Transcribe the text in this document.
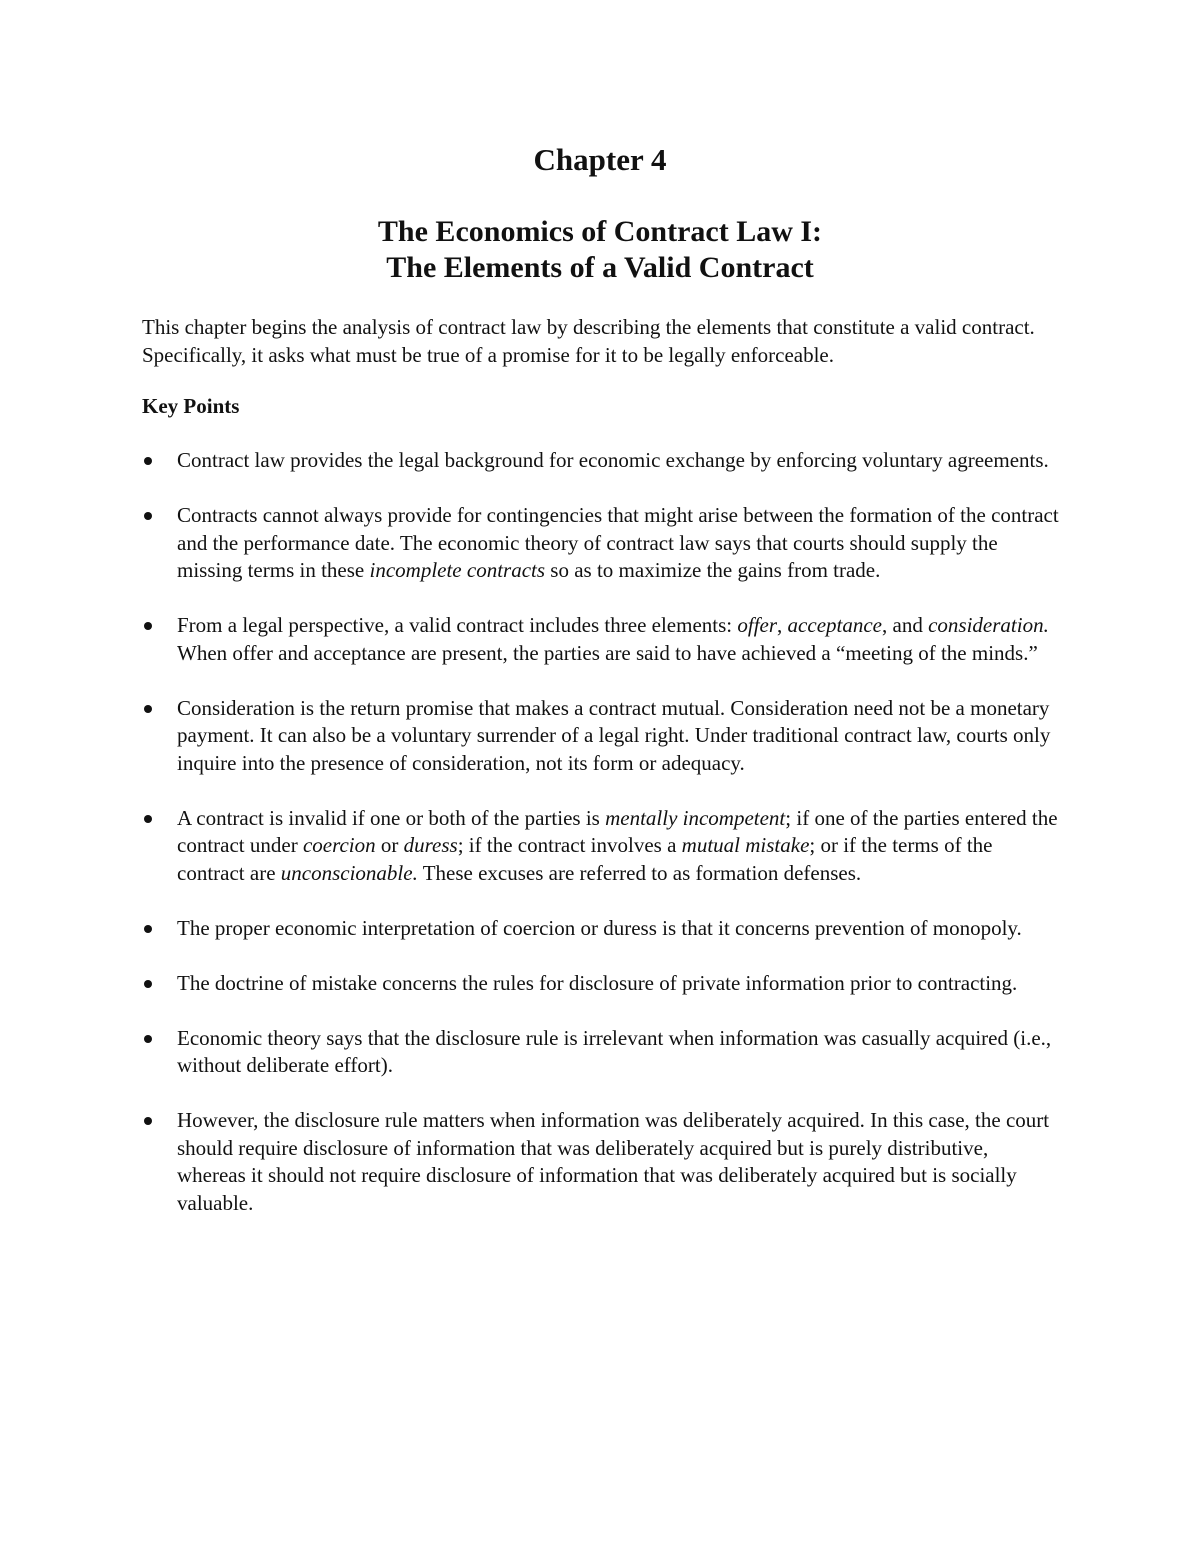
Chapter 4
The Economics of Contract Law I:
The Elements of a Valid Contract

This chapter begins the analysis of contract law by describing the elements that constitute a valid contract. Specifically, it asks what must be true of a promise for it to be legally enforceable.

Key Points

Contract law provides the legal background for economic exchange by enforcing voluntary agreements.
Contracts cannot always provide for contingencies that might arise between the formation of the contract and the performance date. The economic theory of contract law says that courts should supply the missing terms in these incomplete contracts so as to maximize the gains from trade.
From a legal perspective, a valid contract includes three elements: offer, acceptance, and consideration. When offer and acceptance are present, the parties are said to have achieved a “meeting of the minds.”
Consideration is the return promise that makes a contract mutual. Consideration need not be a monetary payment. It can also be a voluntary surrender of a legal right. Under traditional contract law, courts only inquire into the presence of consideration, not its form or adequacy.
A contract is invalid if one or both of the parties is mentally incompetent; if one of the parties entered the contract under coercion or duress; if the contract involves a mutual mistake; or if the terms of the contract are unconscionable. These excuses are referred to as formation defenses.
The proper economic interpretation of coercion or duress is that it concerns prevention of monopoly.
The doctrine of mistake concerns the rules for disclosure of private information prior to contracting.
Economic theory says that the disclosure rule is irrelevant when information was casually acquired (i.e., without deliberate effort).
However, the disclosure rule matters when information was deliberately acquired. In this case, the court should require disclosure of information that was deliberately acquired but is purely distributive, whereas it should not require disclosure of information that was deliberately acquired but is socially valuable.
